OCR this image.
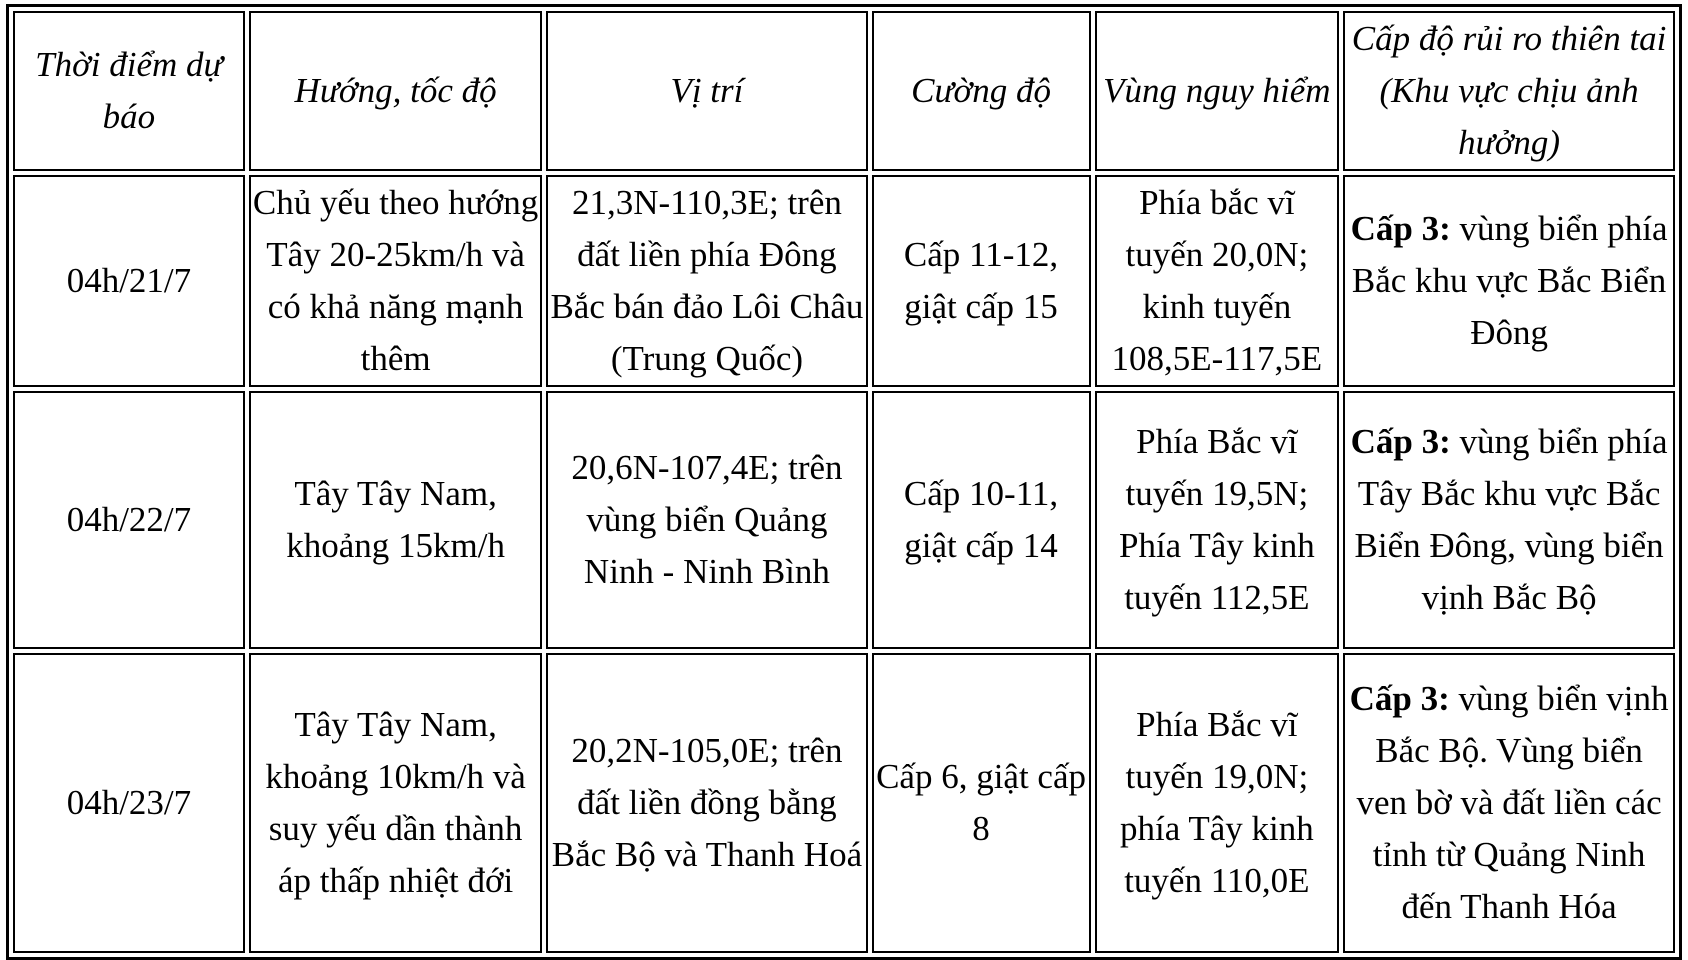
Thời điểm dự báo	Hướng, tốc độ	Vị trí	Cường độ	Vùng nguy hiểm	Cấp độ rủi ro thiên tai (Khu vực chịu ảnh hưởng)
04h/21/7	Chủ yếu theo hướng Tây 20-25km/h và có khả năng mạnh thêm	21,3N-110,3E; trên đất liền phía Đông Bắc bán đảo Lôi Châu (Trung Quốc)	Cấp 11-12, giật cấp 15	Phía bắc vĩ tuyến 20,0N; kinh tuyến 108,5E-117,5E	Cấp 3: vùng biển phía Bắc khu vực Bắc Biển Đông
04h/22/7	Tây Tây Nam, khoảng 15km/h	20,6N-107,4E; trên vùng biển Quảng Ninh - Ninh Bình	Cấp 10-11, giật cấp 14	Phía Bắc vĩ tuyến 19,5N; Phía Tây kinh tuyến 112,5E	Cấp 3: vùng biển phía Tây Bắc khu vực Bắc Biển Đông, vùng biển vịnh Bắc Bộ
04h/23/7	Tây Tây Nam, khoảng 10km/h và suy yếu dần thành áp thấp nhiệt đới	20,2N-105,0E; trên đất liền đồng bằng Bắc Bộ và Thanh Hoá	Cấp 6, giật cấp 8	Phía Bắc vĩ tuyến 19,0N; phía Tây kinh tuyến 110,0E	Cấp 3: vùng biển vịnh Bắc Bộ. Vùng biển ven bờ và đất liền các tỉnh từ Quảng Ninh đến Thanh Hóa
